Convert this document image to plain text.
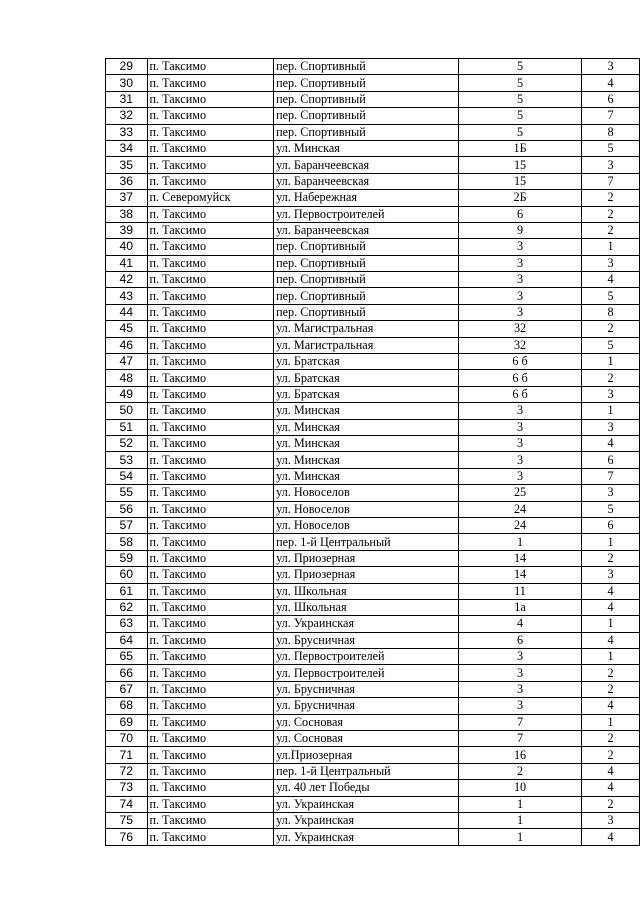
29	п. Таксимо	пер. Спортивный	5	3
30	п. Таксимо	пер. Спортивный	5	4
31	п. Таксимо	пер. Спортивный	5	6
32	п. Таксимо	пер. Спортивный	5	7
33	п. Таксимо	пер. Спортивный	5	8
34	п. Таксимо	ул. Минская	1Б	5
35	п. Таксимо	ул. Баранчеевская	15	3
36	п. Таксимо	ул. Баранчеевская	15	7
37	п. Северомуйск	ул. Набережная	2Б	2
38	п. Таксимо	ул. Первостроителей	6	2
39	п. Таксимо	ул. Баранчеевская	9	2
40	п. Таксимо	пер. Спортивный	3	1
41	п. Таксимо	пер. Спортивный	3	3
42	п. Таксимо	пер. Спортивный	3	4
43	п. Таксимо	пер. Спортивный	3	5
44	п. Таксимо	пер. Спортивный	3	8
45	п. Таксимо	ул. Магистральная	32	2
46	п. Таксимо	ул. Магистральная	32	5
47	п. Таксимо	ул. Братская	6 б	1
48	п. Таксимо	ул. Братская	6 б	2
49	п. Таксимо	ул. Братская	6 б	3
50	п. Таксимо	ул. Минская	3	1
51	п. Таксимо	ул. Минская	3	3
52	п. Таксимо	ул. Минская	3	4
53	п. Таксимо	ул. Минская	3	6
54	п. Таксимо	ул. Минская	3	7
55	п. Таксимо	ул. Новоселов	25	3
56	п. Таксимо	ул. Новоселов	24	5
57	п. Таксимо	ул. Новоселов	24	6
58	п. Таксимо	пер. 1-й Центральный	1	1
59	п. Таксимо	ул. Приозерная	14	2
60	п. Таксимо	ул. Приозерная	14	3
61	п. Таксимо	ул. Школьная	11	4
62	п. Таксимо	ул. Школьная	1а	4
63	п. Таксимо	ул. Украинская	4	1
64	п. Таксимо	ул. Брусничная	6	4
65	п. Таксимо	ул. Первостроителей	3	1
66	п. Таксимо	ул. Первостроителей	3	2
67	п. Таксимо	ул. Брусничная	3	2
68	п. Таксимо	ул. Брусничная	3	4
69	п. Таксимо	ул. Сосновая	7	1
70	п. Таксимо	ул. Сосновая	7	2
71	п. Таксимо	ул.Приозерная	16	2
72	п. Таксимо	пер. 1-й Центральный	2	4
73	п. Таксимо	ул. 40 лет Победы	10	4
74	п. Таксимо	ул. Украинская	1	2
75	п. Таксимо	ул. Украинская	1	3
76	п. Таксимо	ул. Украинская	1	4
